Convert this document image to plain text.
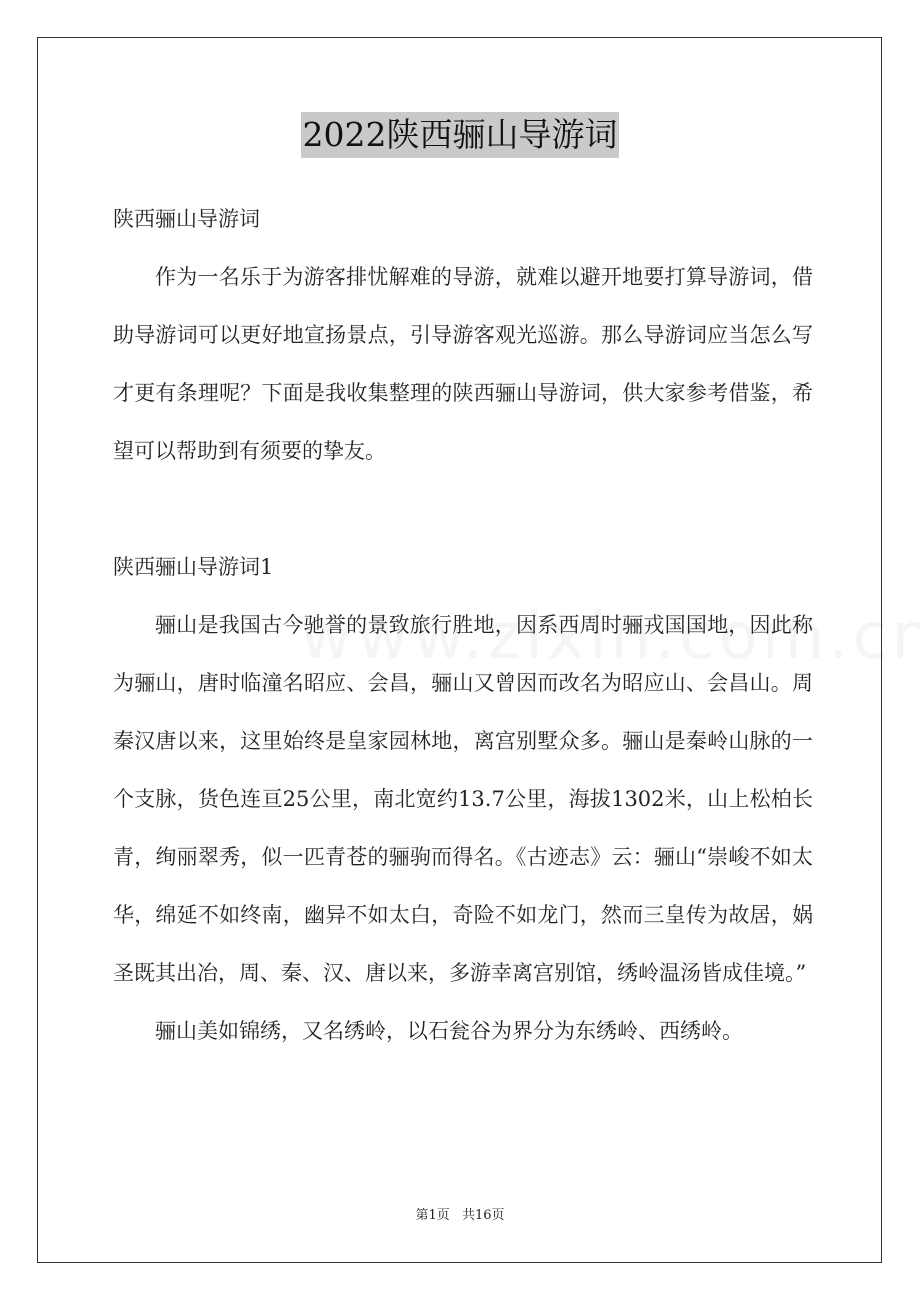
2022陕西骊山导游词

陕西骊山导游词

作为一名乐于为游客排忧解难的导游，就难以避开地要打算导游词，借助导游词可以更好地宣扬景点，引导游客观光巡游。那么导游词应当怎么写才更有条理呢？下面是我收集整理的陕西骊山导游词，供大家参考借鉴，希望可以帮助到有须要的挚友。

陕西骊山导游词1

骊山是我国古今驰誉的景致旅行胜地，因系西周时骊戎国国地，因此称为骊山，唐时临潼名昭应、会昌，骊山又曾因而改名为昭应山、会昌山。周秦汉唐以来，这里始终是皇家园林地，离宫别墅众多。骊山是秦岭山脉的一个支脉，货色连亘25公里，南北宽约13.7公里，海拔1302米，山上松柏长青，绚丽翠秀，似一匹青苍的骊驹而得名。《古迹志》云：骊山“崇峻不如太华，绵延不如终南，幽异不如太白，奇险不如龙门，然而三皇传为故居，娲圣既其出冶，周、秦、汉、唐以来，多游幸离宫别馆，绣岭温汤皆成佳境。”

骊山美如锦绣，又名绣岭，以石瓮谷为界分为东绣岭、西绣岭。

第1页 共16页
